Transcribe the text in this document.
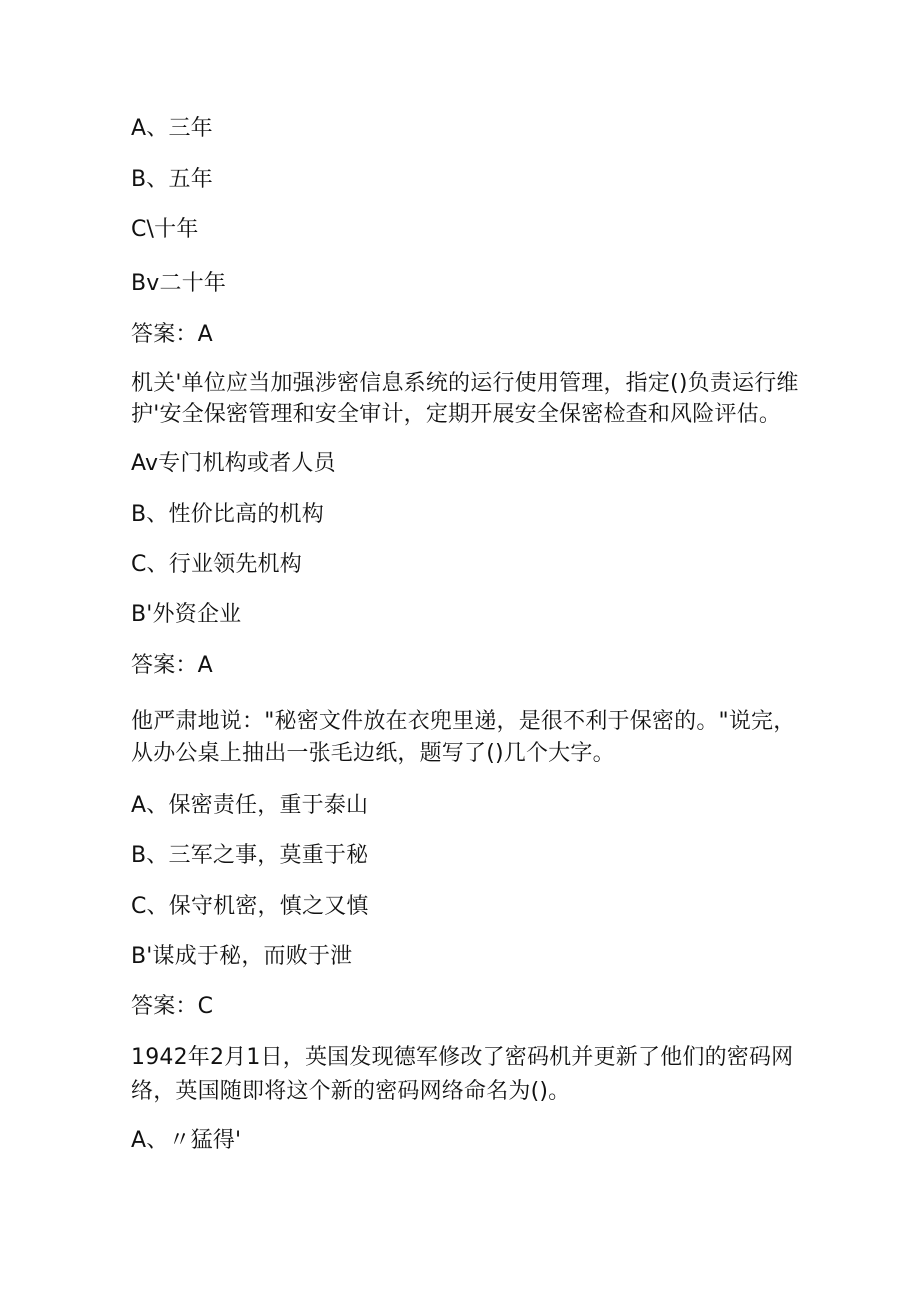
A、三年
B、五年
C\十年
Bv二十年
答案：A
机关'单位应当加强涉密信息系统的运行使用管理，指定()负责运行维
护'安全保密管理和安全审计，定期开展安全保密检查和风险评估。
Av专门机构或者人员
B、性价比高的机构
C、行业领先机构
B'外资企业
答案：A
他严肃地说："秘密文件放在衣兜里递，是很不利于保密的。"说完，
从办公桌上抽出一张毛边纸，题写了()几个大字。
A、保密责任，重于泰山
B、三军之事，莫重于秘
C、保守机密，慎之又慎
B'谋成于秘，而败于泄
答案：C
1942年2月1日，英国发现德军修改了密码机并更新了他们的密码网
络，英国随即将这个新的密码网络命名为()。
A、〃猛得'
